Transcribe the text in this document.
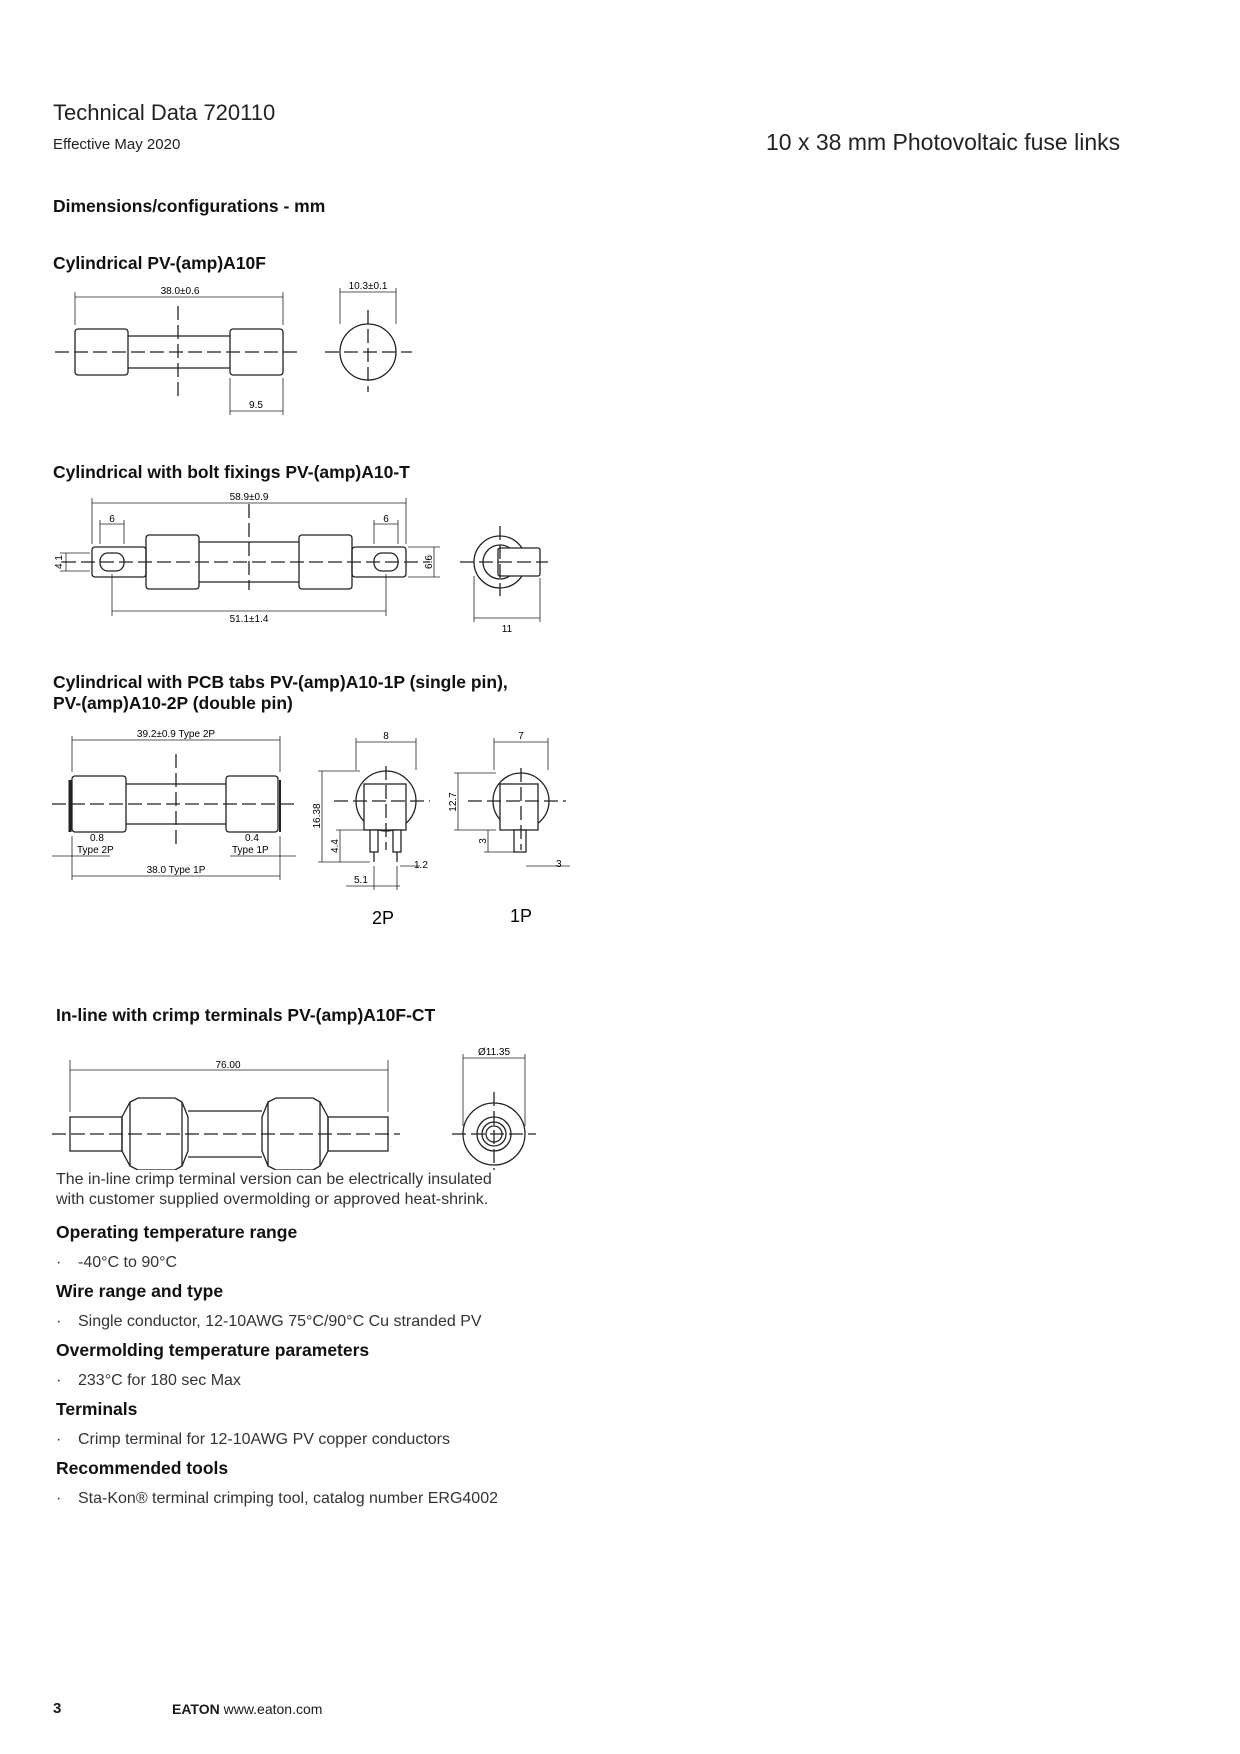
Technical Data 720110
Effective May 2020	10 x 38 mm Photovoltaic fuse links
Dimensions/configurations - mm
Cylindrical PV-(amp)A10F
38.0±0.6
9.5
10.3±0.1
Cylindrical with bolt fixings PV-(amp)A10-T
58.9±0.9
6	6
4.1	6.6
51.1±1.4
11
Cylindrical with PCB tabs PV-(amp)A10-1P (single pin),
PV-(amp)A10-2P (double pin)
39.2±0.9 Type 2P
0.8
Type 2P
0.4
Type 1P
38.0 Type 1P
8
16.38
4.4
5.1
1.2
2P
7
12.7
3
3
1P
In-line with crimp terminals PV-(amp)A10F-CT
76.00
Ø11.35
The in-line crimp terminal version can be electrically insulated
with customer supplied overmolding or approved heat-shrink.
Operating temperature range
· -40°C to 90°C
Wire range and type
· Single conductor, 12-10AWG 75°C/90°C Cu stranded PV
Overmolding temperature parameters
· 233°C for 180 sec Max
Terminals
· Crimp terminal for 12-10AWG PV copper conductors
Recommended tools
· Sta-Kon® terminal crimping tool, catalog number ERG4002
3	EATON www.eaton.com
